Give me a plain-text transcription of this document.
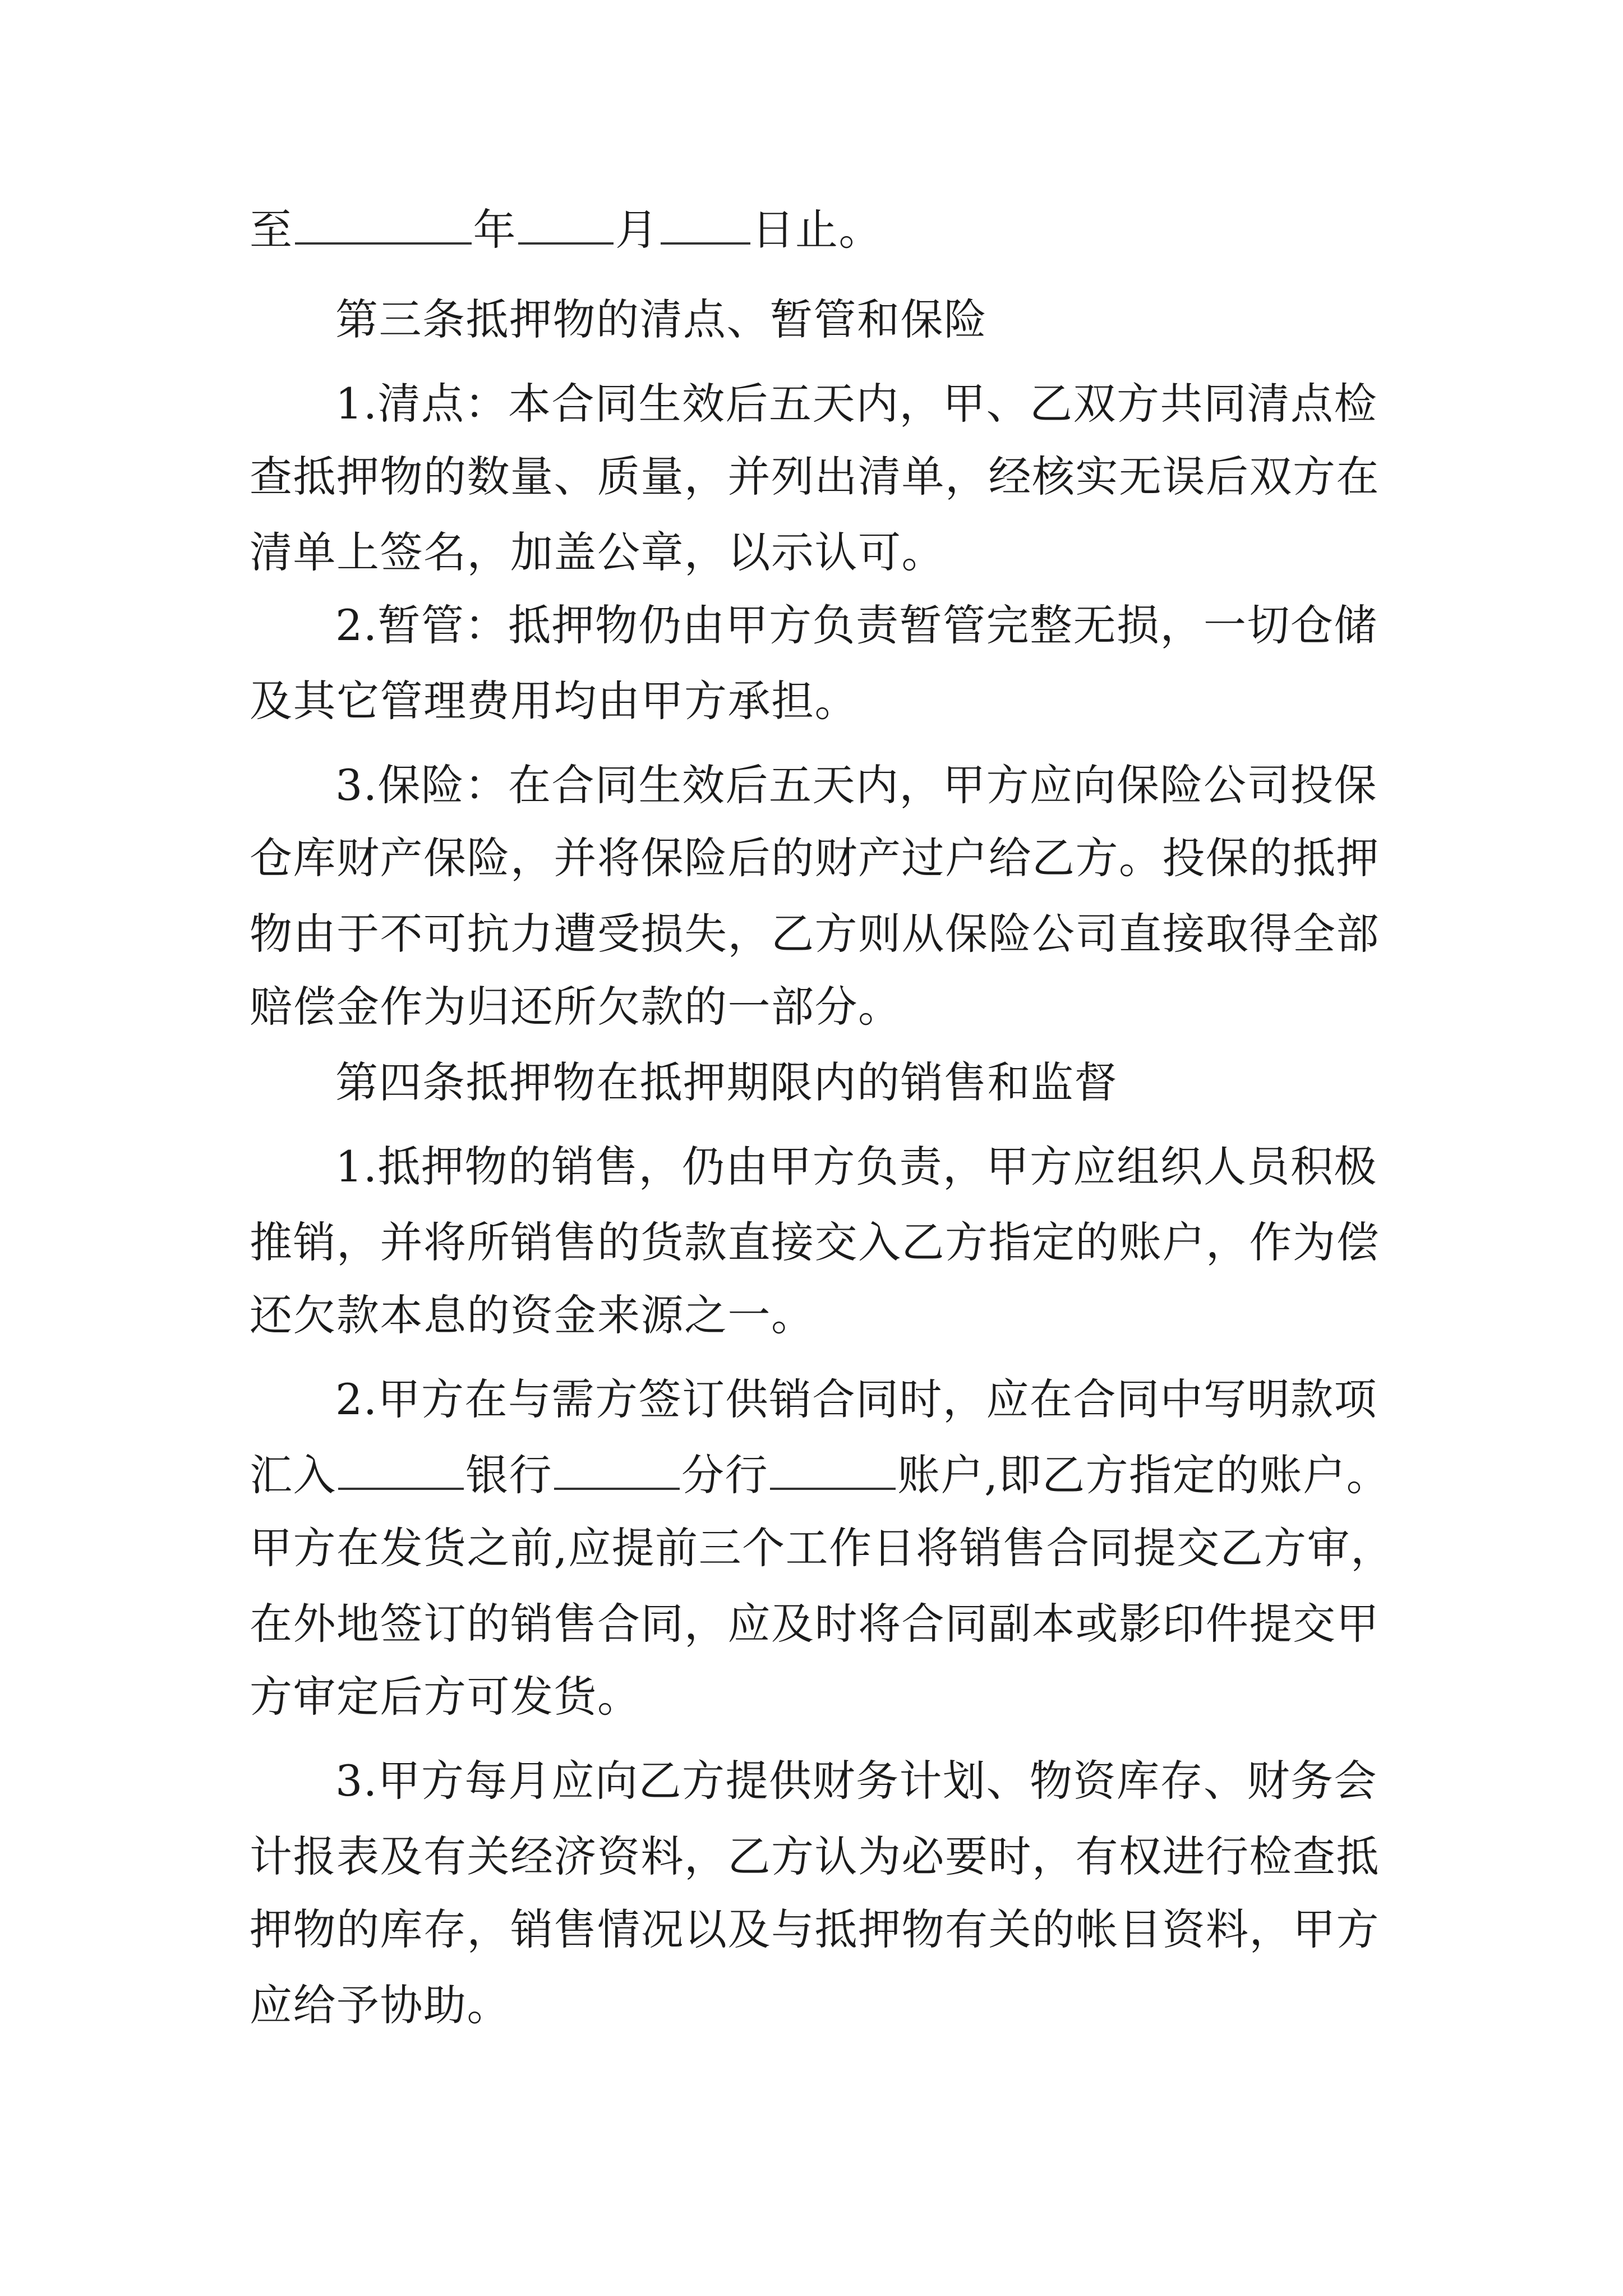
至	年 月 日止。
第三条抵押物的清点、暂管和保险
1.清点：本合同生效后五天内，甲、乙双方共同清点检
查抵押物的数量、质量，并列出清单，经核实无误后双方在
清单上签名，加盖公章，以示认可。
2.暂管：抵押物仍由甲方负责暂管完整无损，一切仓储
及其它管理费用均由甲方承担。
3.保险：在合同生效后五天内，甲方应向保险公司投保
仓库财产保险，并将保险后的财产过户给乙方。投保的抵押
物由于不可抗力遭受损失，乙方则从保险公司直接取得全部
赔偿金作为归还所欠款的一部分。
第四条抵押物在抵押期限内的销售和监督
1.抵押物的销售，仍由甲方负责，甲方应组织人员积极
推销，并将所销售的货款直接交入乙方指定的账户，作为偿
还欠款本息的资金来源之一。
2.甲方在与需方签订供销合同时，应在合同中写明款项
汇入	银行	分行	账户,即乙方指定的账户。
甲方在发货之前,应提前三个工作日将销售合同提交乙方审，
在外地签订的销售合同，应及时将合同副本或影印件提交甲
方审定后方可发货。
3.甲方每月应向乙方提供财务计划、物资库存、财务会
计报表及有关经济资料，乙方认为必要时，有权进行检查抵
押物的库存，销售情况以及与抵押物有关的帐目资料，甲方
应给予协助。
